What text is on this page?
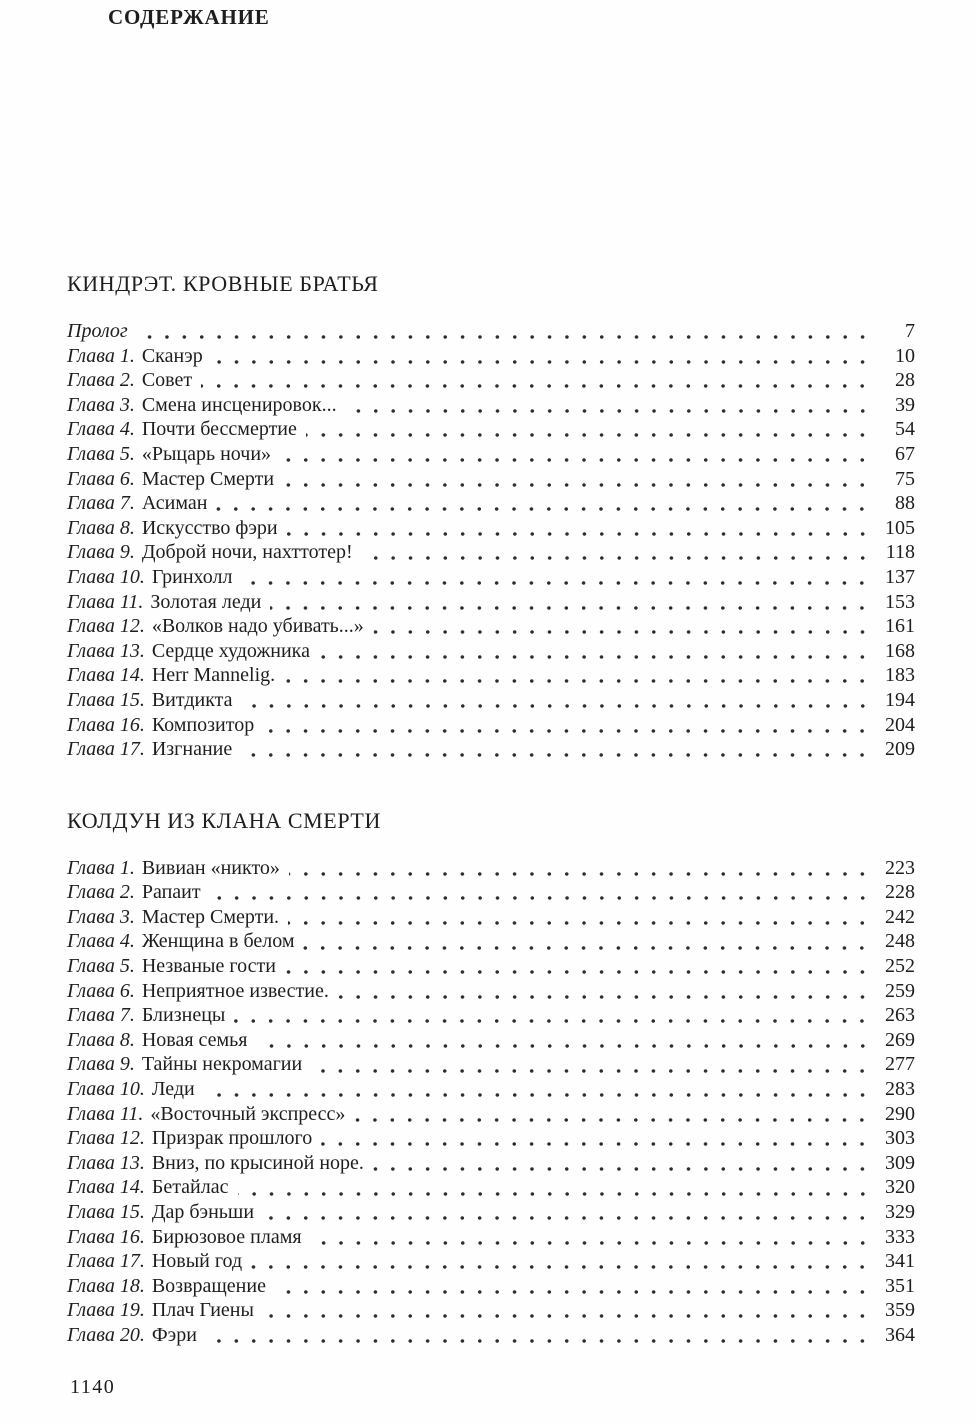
СОДЕРЖАНИЕ
КИНДРЭТ. КРОВНЫЕ БРАТЬЯ
Пролог	7
Глава 1. Сканэр	10
Глава 2. Совет	28
Глава 3. Смена инсценировок...	39
Глава 4. Почти бессмертие	54
Глава 5. «Рыцарь ночи»	67
Глава 6. Мастер Смерти	75
Глава 7. Асиман	88
Глава 8. Искусство фэри	105
Глава 9. Доброй ночи, нахттотер!	118
Глава 10. Гринхолл	137
Глава 11. Золотая леди	153
Глава 12. «Волков надо убивать...»	161
Глава 13. Сердце художника	168
Глава 14. Herr Mannelig.	183
Глава 15. Витдикта	194
Глава 16. Композитор	204
Глава 17. Изгнание	209
КОЛДУН ИЗ КЛАНА СМЕРТИ
Глава 1. Вивиан «никто»	223
Глава 2. Рапаит	228
Глава 3. Мастер Смерти.	242
Глава 4. Женщина в белом	248
Глава 5. Незваные гости	252
Глава 6. Неприятное известие.	259
Глава 7. Близнецы	263
Глава 8. Новая семья	269
Глава 9. Тайны некромагии	277
Глава 10. Леди	283
Глава 11. «Восточный экспресс»	290
Глава 12. Призрак прошлого	303
Глава 13. Вниз, по крысиной норе.	309
Глава 14. Бетайлас	320
Глава 15. Дар бэньши	329
Глава 16. Бирюзовое пламя	333
Глава 17. Новый год	341
Глава 18. Возвращение	351
Глава 19. Плач Гиены	359
Глава 20. Фэри	364
1140
